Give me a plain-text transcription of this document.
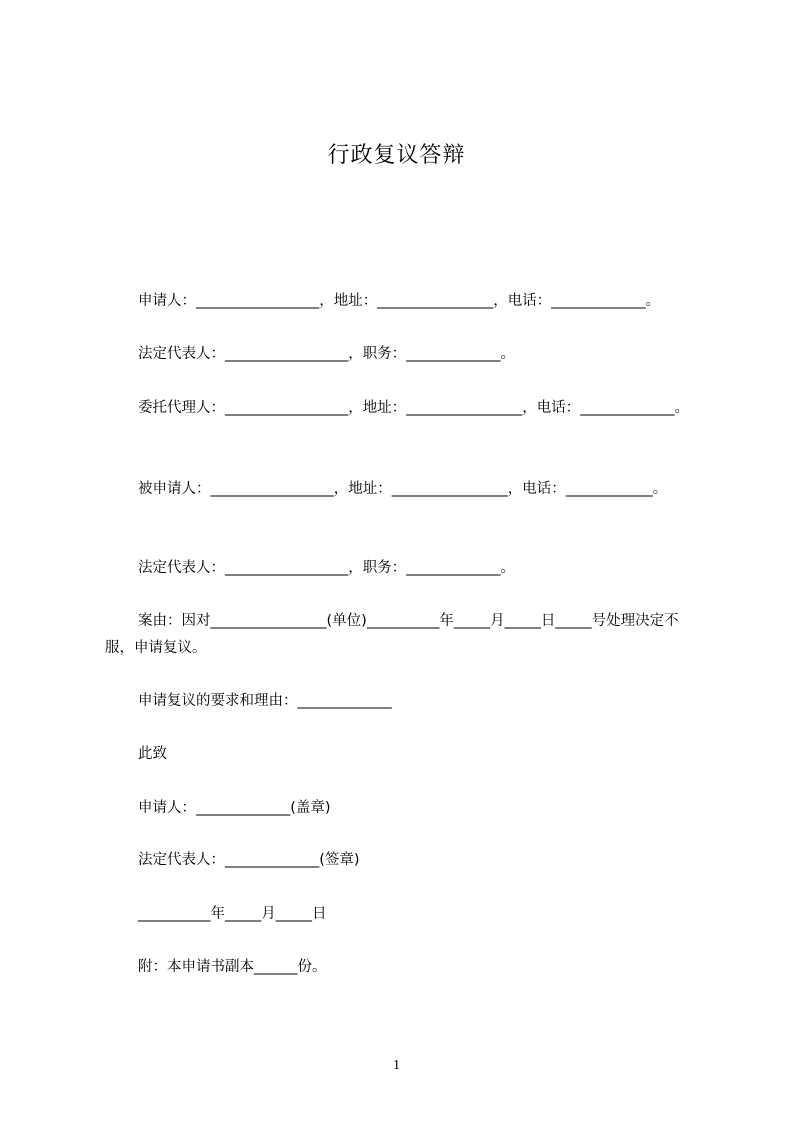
行政复议答辩
申请人：_________________，地址：________________，电话：_____________。
法定代表人：_________________，职务：_____________。
委托代理人：_________________，地址：________________，电话：_____________。
被申请人：_________________，地址：________________，电话：____________。
法定代表人：_________________，职务：_____________。
案由：因对________________(单位)__________年_____月_____日_____号处理决定不服，申请复议。
申请复议的要求和理由：_____________
此致
申请人：_____________(盖章)
法定代表人：_____________(签章)
__________年_____月_____日
附：本申请书副本______份。
1
